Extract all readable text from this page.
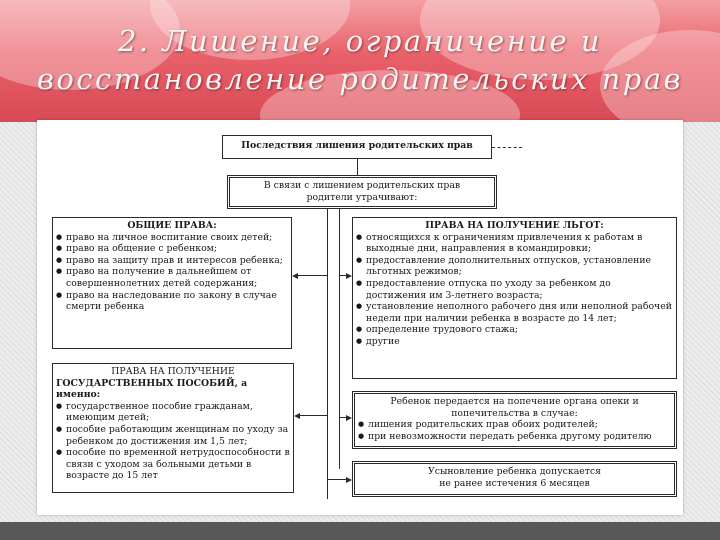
2. Лишение, ограничение и
восстановление родительских прав
Последствия лишения родительских прав
В связи с лишением родительских прав
родители утрачивают:
ОБЩИЕ ПРАВА:
● право на личное воспитание своих детей;
● право на общение с ребенком;
● право на защиту прав и интересов ребенка;
● право на получение в дальнейшем от совершеннолетних детей содержания;
● право на наследование по закону в случае смерти ребенка
ПРАВА НА ПОЛУЧЕНИЕ ЛЬГОТ:
● относящихся к ограничениям привлечения к работам в выходные дни, направления в командировки;
● предоставление дополнительных отпусков, установление льготных режимов;
● предоставление отпуска по уходу за ребенком до достижения им 3-летнего возраста;
● установление неполного рабочего дня или неполной рабочей недели при наличии ребенка в возрасте до 14 лет;
● определение трудового стажа;
● другие
ПРАВА НА ПОЛУЧЕНИЕ
ГОСУДАРСТВЕННЫХ ПОСОБИЙ, а именно:
● государственное пособие гражданам, имеющим детей;
● пособие работающим женщинам по уходу за ребенком до достижения им 1,5 лет;
● пособие по временной нетрудоспособности в связи с уходом за больными детьми в возрасте до 15 лет
Ребенок передается на попечение органа опеки и попечительства в случае:
● лишения родительских прав обоих родителей;
● при невозможности передать ребенка другому родителю
Усыновление ребенка допускается
не ранее истечения 6 месяцев
